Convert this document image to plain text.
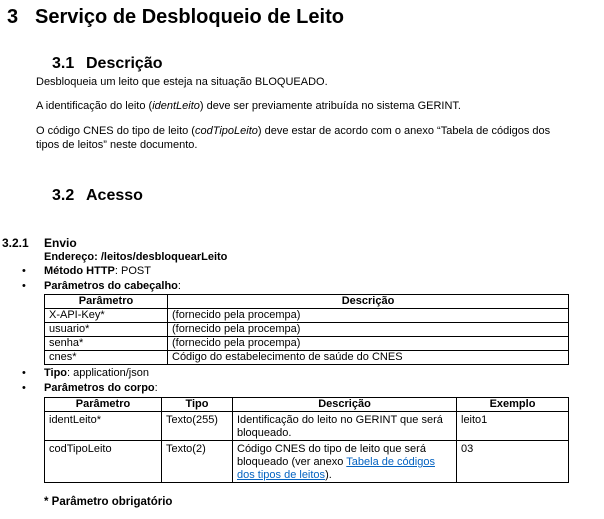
3 Serviço de Desbloqueio de Leito
3.1 Descrição
Desbloqueia um leito que esteja na situação BLOQUEADO.
A identificação do leito (identLeito) deve ser previamente atribuída no sistema GERINT.
O código CNES do tipo de leito (codTipoLeito) deve estar de acordo com o anexo “Tabela de códigos dos tipos de leitos” neste documento.
3.2 Acesso
3.2.1 Envio
Endereço: /leitos/desbloquearLeito
• Método HTTP: POST
• Parâmetros do cabeçalho:
Parâmetro	Descrição
X-API-Key*	(fornecido pela procempa)
usuario*	(fornecido pela procempa)
senha*	(fornecido pela procempa)
cnes*	Código do estabelecimento de saúde do CNES
• Tipo: application/json
• Parâmetros do corpo:
Parâmetro	Tipo	Descrição	Exemplo
identLeito*	Texto(255)	Identificação do leito no GERINT que será bloqueado.	leito1
codTipoLeito	Texto(2)	Código CNES do tipo de leito que será bloqueado (ver anexo Tabela de códigos dos tipos de leitos).	03
* Parâmetro obrigatório
